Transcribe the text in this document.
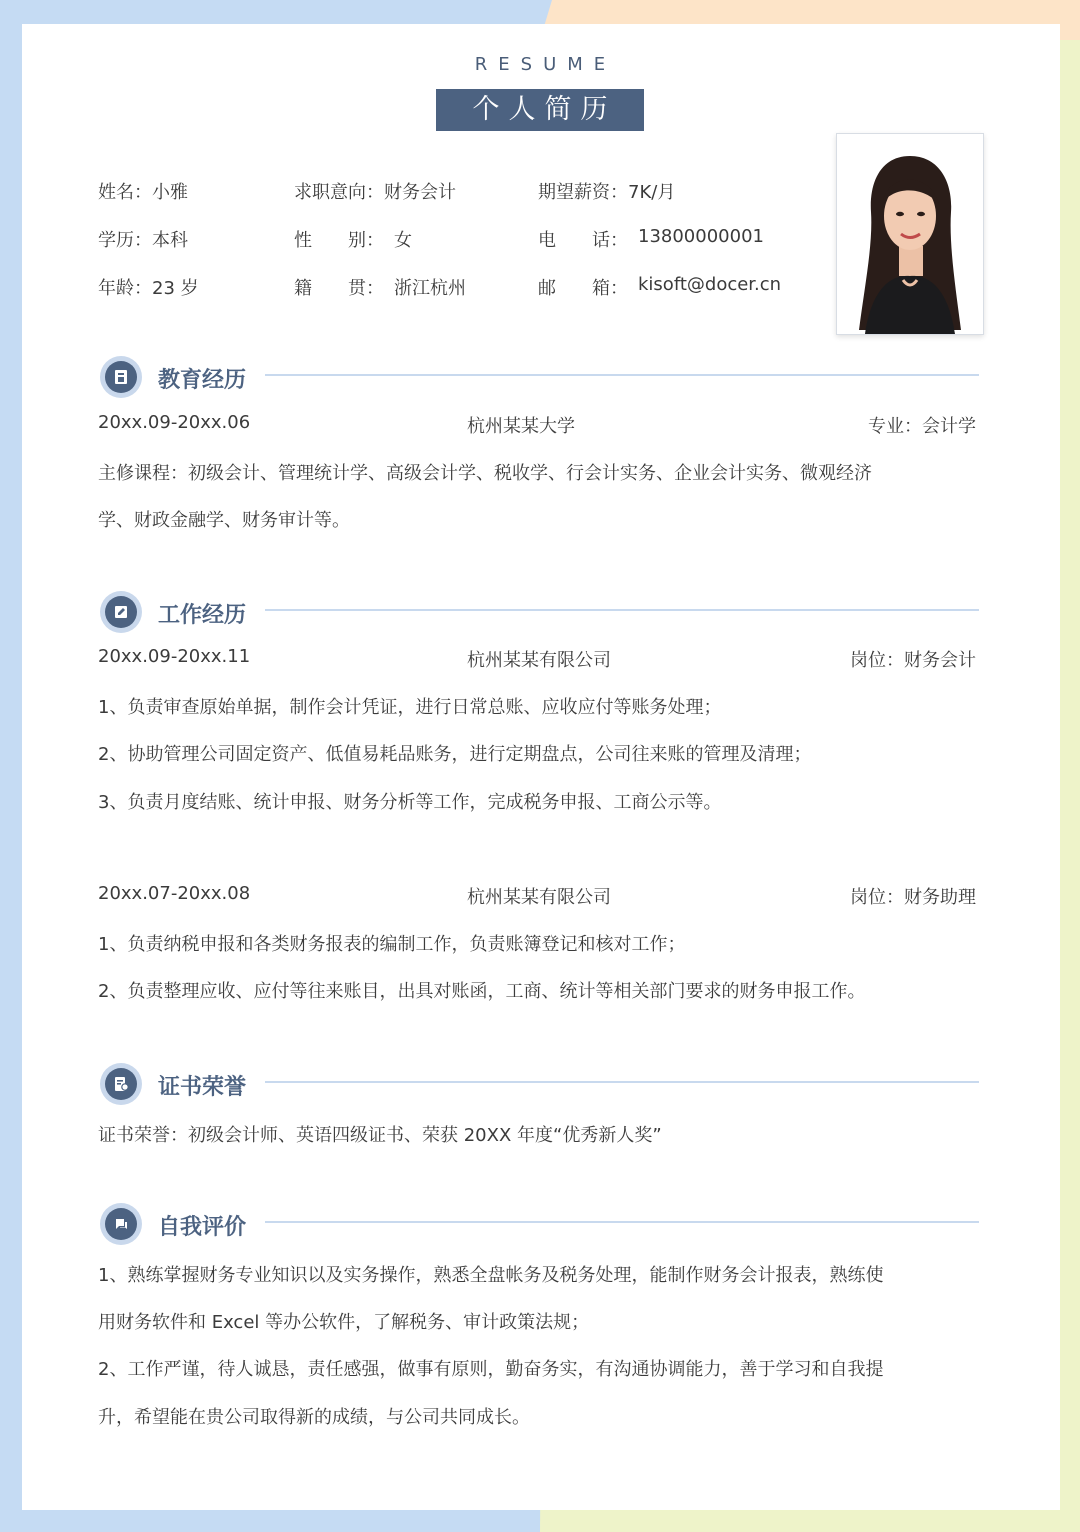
RESUME
个人简历
姓名：小雅	求职意向：财务会计	期望薪资：7K/月
学历：本科	性　　别： 女	电　　话： 13800000001
年龄：23 岁	籍　　贯： 浙江杭州	邮　　箱： kisoft@docer.cn
教育经历
20xx.09-20xx.06	杭州某某大学	专业：会计学
主修课程：初级会计、管理统计学、高级会计学、税收学、行会计实务、企业会计实务、微观经济
学、财政金融学、财务审计等。
工作经历
20xx.09-20xx.11	杭州某某有限公司	岗位：财务会计
1、负责审查原始单据，制作会计凭证，进行日常总账、应收应付等账务处理；
2、协助管理公司固定资产、低值易耗品账务，进行定期盘点，公司往来账的管理及清理；
3、负责月度结账、统计申报、财务分析等工作，完成税务申报、工商公示等。
20xx.07-20xx.08	杭州某某有限公司	岗位：财务助理
1、负责纳税申报和各类财务报表的编制工作，负责账簿登记和核对工作；
2、负责整理应收、应付等往来账目，出具对账函，工商、统计等相关部门要求的财务申报工作。
证书荣誉
证书荣誉：初级会计师、英语四级证书、荣获 20XX 年度“优秀新人奖”
自我评价
1、熟练掌握财务专业知识以及实务操作，熟悉全盘帐务及税务处理，能制作财务会计报表，熟练使
用财务软件和 Excel 等办公软件，了解税务、审计政策法规；
2、工作严谨，待人诚恳，责任感强，做事有原则，勤奋务实，有沟通协调能力，善于学习和自我提
升，希望能在贵公司取得新的成绩，与公司共同成长。
